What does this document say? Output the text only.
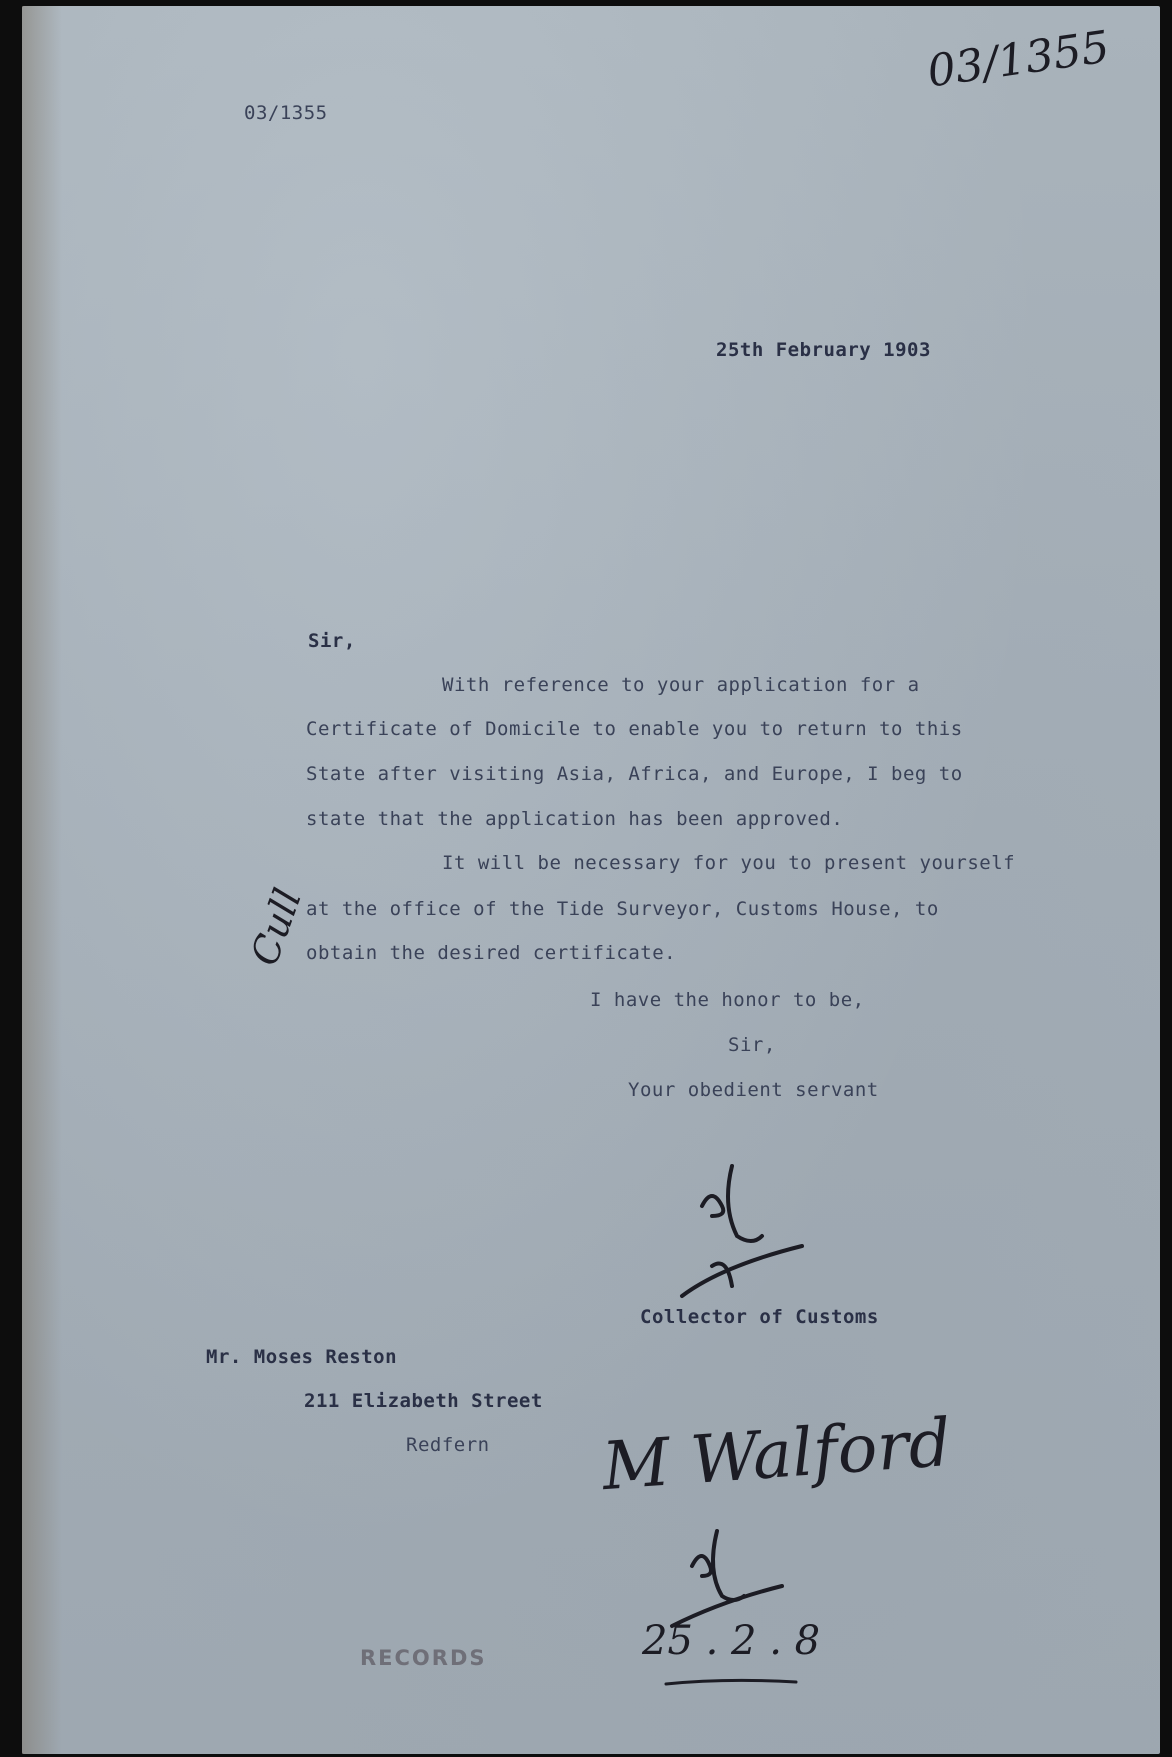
03/1355
03/1355
25th February 1903
Sir,
With reference to your application for a
Certificate of Domicile to enable you to return to this
State after visiting Asia, Africa, and Europe, I beg to
state that the application has been approved.
It will be necessary for you to present yourself
at the office of the Tide Surveyor, Customs House, to
obtain the desired certificate.
Cull
I have the honor to be,
Sir,
Your obedient servant
Collector of Customs
Mr. Moses Reston
211 Elizabeth Street
Redfern M Walford
25 . 2 . 8
RECORDS
